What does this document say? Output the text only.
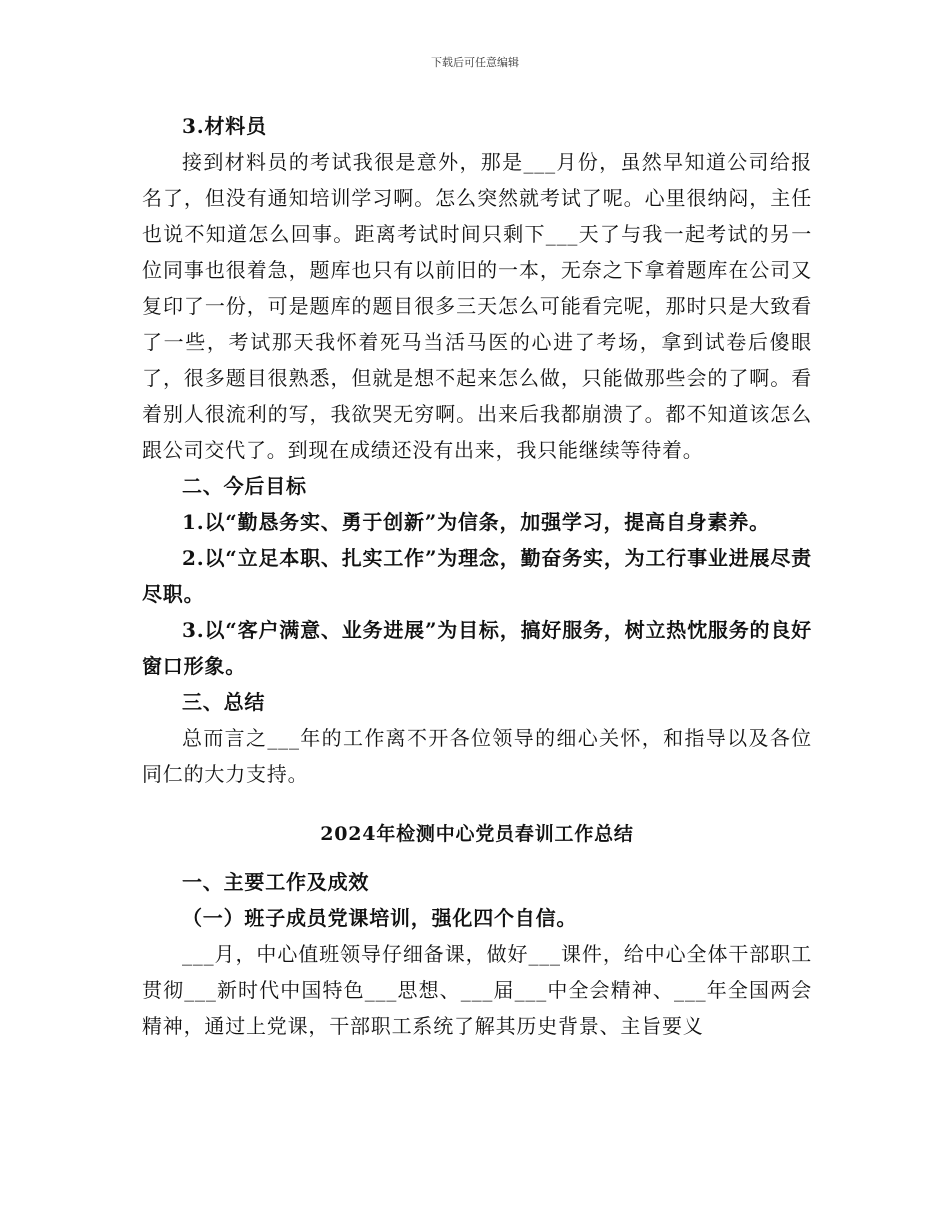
下载后可任意编辑

3.材料员

接到材料员的考试我很是意外，那是___月份，虽然早知道公司给报名了，但没有通知培训学习啊。怎么突然就考试了呢。心里很纳闷，主任也说不知道怎么回事。距离考试时间只剩下___天了与我一起考试的另一位同事也很着急，题库也只有以前旧的一本，无奈之下拿着题库在公司又复印了一份，可是题库的题目很多三天怎么可能看完呢，那时只是大致看了一些，考试那天我怀着死马当活马医的心进了考场，拿到试卷后傻眼了，很多题目很熟悉，但就是想不起来怎么做，只能做那些会的了啊。看着别人很流利的写，我欲哭无穷啊。出来后我都崩溃了。都不知道该怎么跟公司交代了。到现在成绩还没有出来，我只能继续等待着。

二、今后目标

1.以“勤恳务实、勇于创新”为信条，加强学习，提高自身素养。

2.以“立足本职、扎实工作”为理念，勤奋务实，为工行事业进展尽责尽职。

3.以“客户满意、业务进展”为目标，搞好服务，树立热忱服务的良好窗口形象。

三、总结

总而言之___年的工作离不开各位领导的细心关怀，和指导以及各位同仁的大力支持。

2024年检测中心党员春训工作总结

一、主要工作及成效

（一）班子成员党课培训，强化四个自信。

___月，中心值班领导仔细备课，做好___课件，给中心全体干部职工贯彻___新时代中国特色___思想、___届___中全会精神、___年全国两会精神，通过上党课，干部职工系统了解其历史背景、主旨要义
